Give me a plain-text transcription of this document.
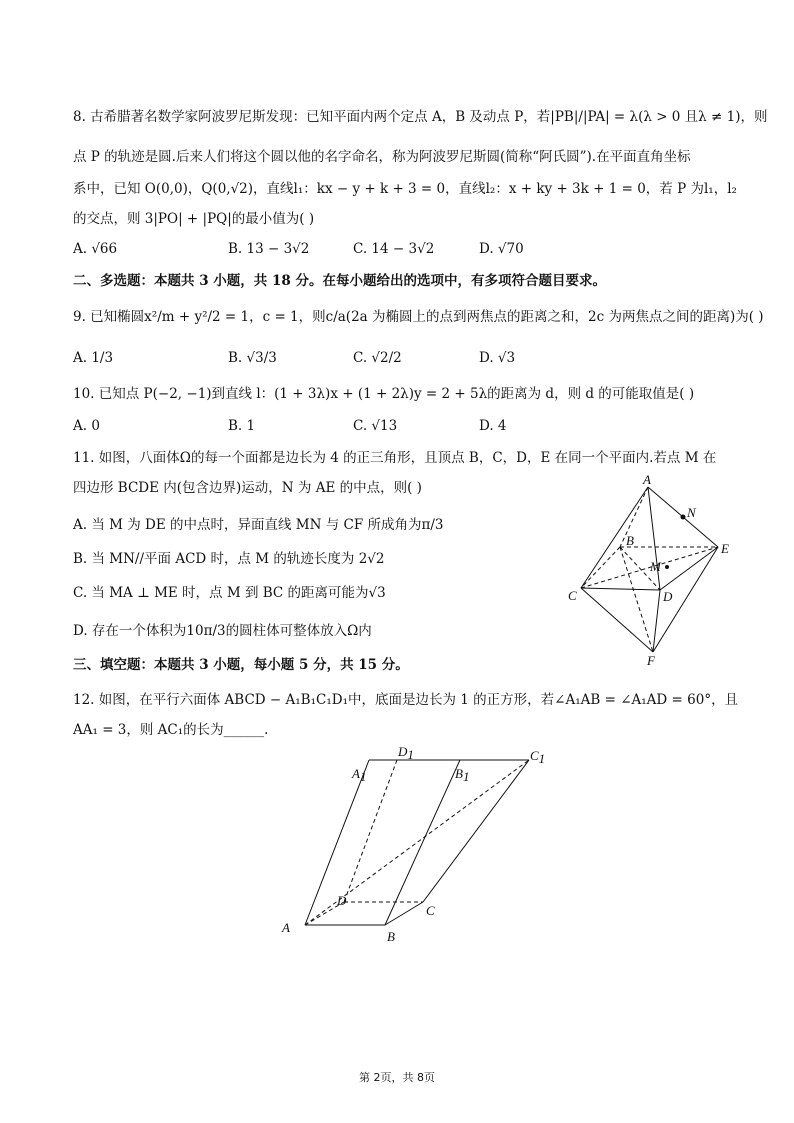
8. 古希腊著名数学家阿波罗尼斯发现：已知平面内两个定点 A，B 及动点 P，若|PB|/|PA| = λ(λ > 0 且λ ≠ 1)，则
点 P 的轨迹是圆.后来人们将这个圆以他的名字命名，称为阿波罗尼斯圆(简称“阿氏圆”).在平面直角坐标
系中，已知 O(0,0)，Q(0,√2)，直线l₁：kx − y + k + 3 = 0，直线l₂：x + ky + 3k + 1 = 0，若 P 为l₁，l₂
的交点，则 3|PO| + |PQ|的最小值为( )
A. √66	B. 13 − 3√2	C. 14 − 3√2	D. √70
二、多选题：本题共 3 小题，共 18 分。在每小题给出的选项中，有多项符合题目要求。
9. 已知椭圆x²/m + y²/2 = 1，c = 1，则c/a(2a 为椭圆上的点到两焦点的距离之和，2c 为两焦点之间的距离)为( )
A. 1/3	B. √3/3	C. √2/2	D. √3
10. 已知点 P(−2, −1)到直线 l：(1 + 3λ)x + (1 + 2λ)y = 2 + 5λ的距离为 d，则 d 的可能取值是( )
A. 0	B. 1	C. √13	D. 4
11. 如图，八面体Ω的每一个面都是边长为 4 的正三角形，且顶点 B，C，D，E 在同一个平面内.若点 M 在
四边形 BCDE 内(包含边界)运动，N 为 AE 的中点，则( )
A. 当 M 为 DE 的中点时，异面直线 MN 与 CF 所成角为π/3
B. 当 MN//平面 ACD 时，点 M 的轨迹长度为 2√2
C. 当 MA ⊥ ME 时，点 M 到 BC 的距离可能为√3
D. 存在一个体积为10π/3的圆柱体可整体放入Ω内
A
B
C	D
E
F
M
N
三、填空题：本题共 3 小题，每小题 5 分，共 15 分。
12. 如图，在平行六面体 ABCD − A₁B₁C₁D₁中，底面是边长为 1 的正方形，若∠A₁AB = ∠A₁AD = 60°，且
AA₁ = 3，则 AC₁的长为______.
A1
D1
B1
C1
A
B
C
D
第 2页，共 8页
